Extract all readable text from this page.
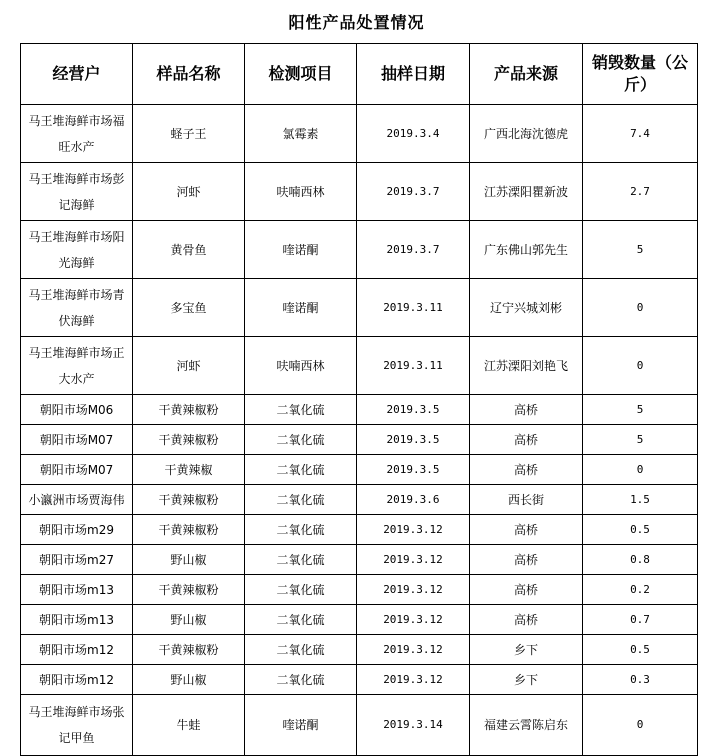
阳性产品处置情况
经营户	样品名称	检测项目	抽样日期	产品来源	销毁数量（公斤）
马王堆海鲜市场福旺水产	蛏子王	氯霉素	2019.3.4	广西北海沈德虎	7.4
马王堆海鲜市场彭记海鲜	河虾	呋喃西林	2019.3.7	江苏溧阳瞿新波	2.7
马王堆海鲜市场阳光海鲜	黄骨鱼	喹诺酮	2019.3.7	广东佛山郭先生	5
马王堆海鲜市场青伏海鲜	多宝鱼	喹诺酮	2019.3.11	辽宁兴城刘彬	0
马王堆海鲜市场正大水产	河虾	呋喃西林	2019.3.11	江苏溧阳刘艳飞	0
朝阳市场M06	干黄辣椒粉	二氧化硫	2019.3.5	高桥	5
朝阳市场M07	干黄辣椒粉	二氧化硫	2019.3.5	高桥	5
朝阳市场M07	干黄辣椒	二氧化硫	2019.3.5	高桥	0
小瀛洲市场贾海伟	干黄辣椒粉	二氧化硫	2019.3.6	西长街	1.5
朝阳市场m29	干黄辣椒粉	二氧化硫	2019.3.12	高桥	0.5
朝阳市场m27	野山椒	二氧化硫	2019.3.12	高桥	0.8
朝阳市场m13	干黄辣椒粉	二氧化硫	2019.3.12	高桥	0.2
朝阳市场m13	野山椒	二氧化硫	2019.3.12	高桥	0.7
朝阳市场m12	干黄辣椒粉	二氧化硫	2019.3.12	乡下	0.5
朝阳市场m12	野山椒	二氧化硫	2019.3.12	乡下	0.3
马王堆海鲜市场张记甲鱼	牛蛙	喹诺酮	2019.3.14	福建云霄陈启东	0
